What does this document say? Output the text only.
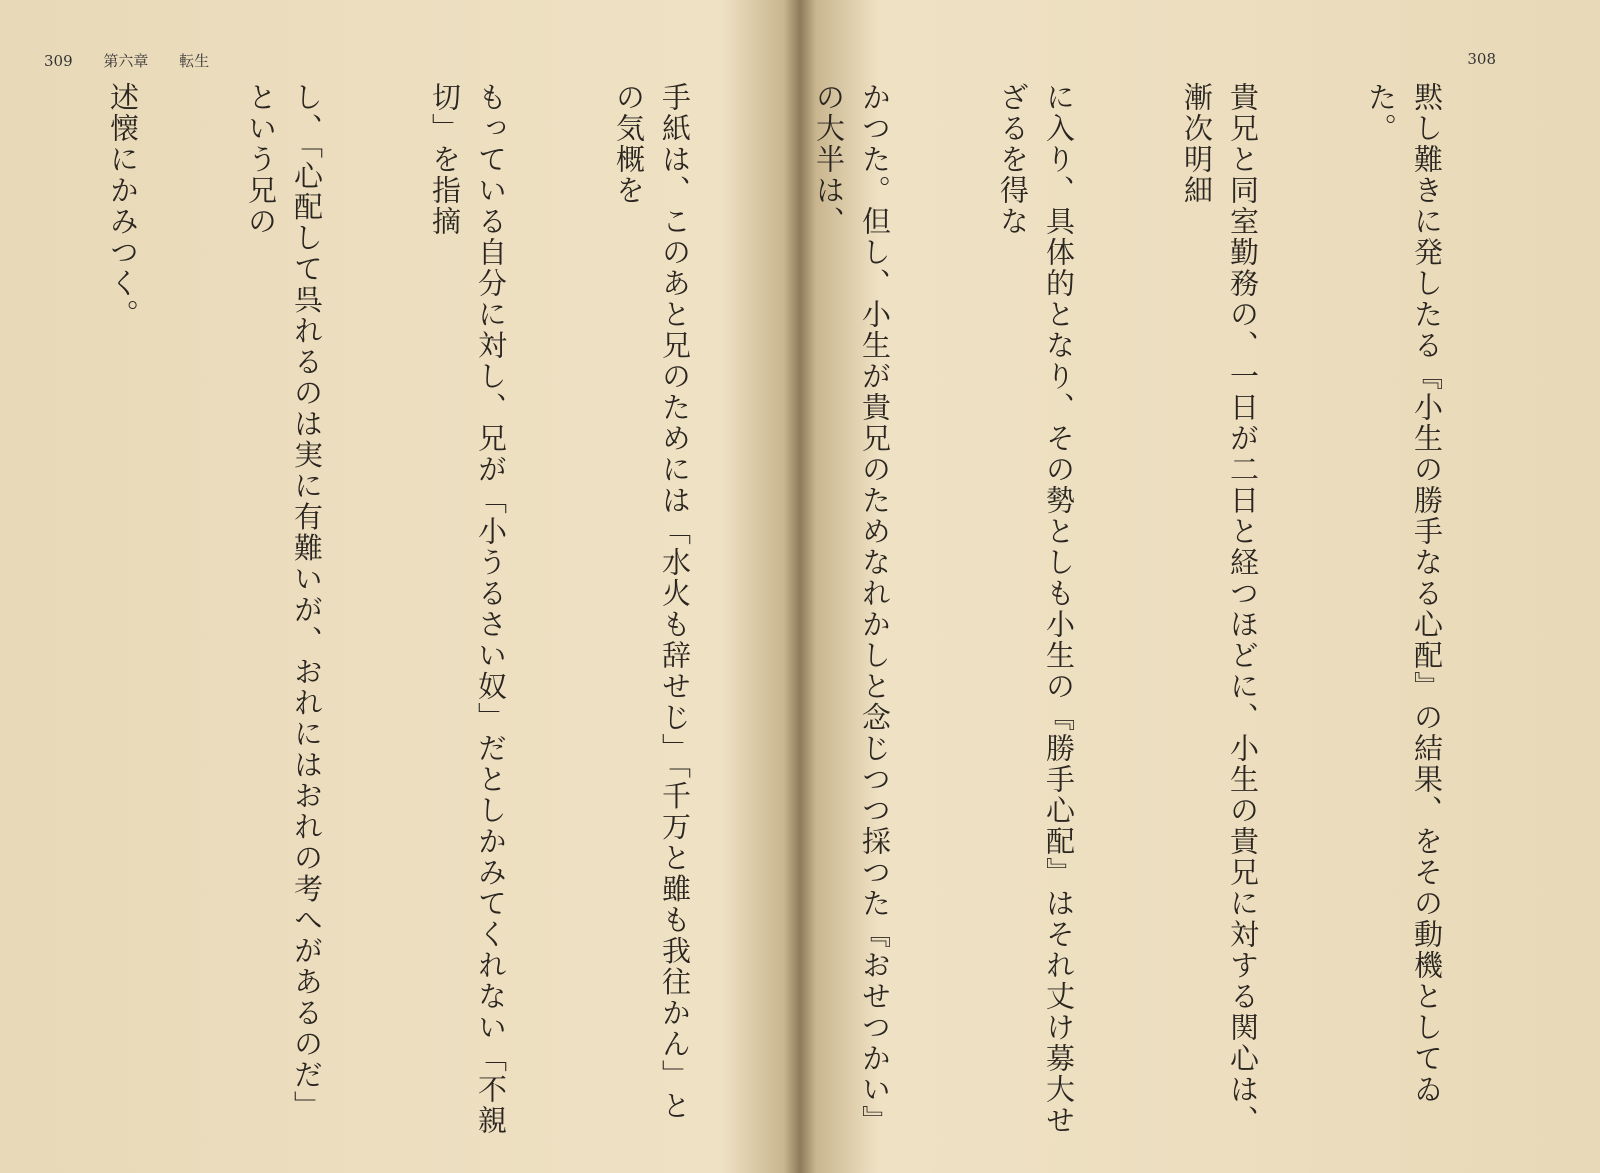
309 第六章 転生

手紙は、このあと兄のためには「水火も辞せじ」「千万と雖も我往かん」との気概を

もっている自分に対し、兄が「小うるさい奴」だとしかみてくれない「不親切」を指摘

し、「心配して呉れるのは実に有難いが、おれにはおれの考へがあるのだ」という兄の

述懐にかみつく。

308

黙し難きに発したる『小生の勝手なる心配』の結果、をその動機としてゐた。

貴兄と同室勤務の、一日が二日と経つほどに、小生の貴兄に対する関心は、漸次明細

に入り、具体的となり、その勢としも小生の『勝手心配』はそれ丈け募大せざるを得な

かつた。但し、小生が貴兄のためなれかしと念じつつ採つた『おせつかい』の大半は、
